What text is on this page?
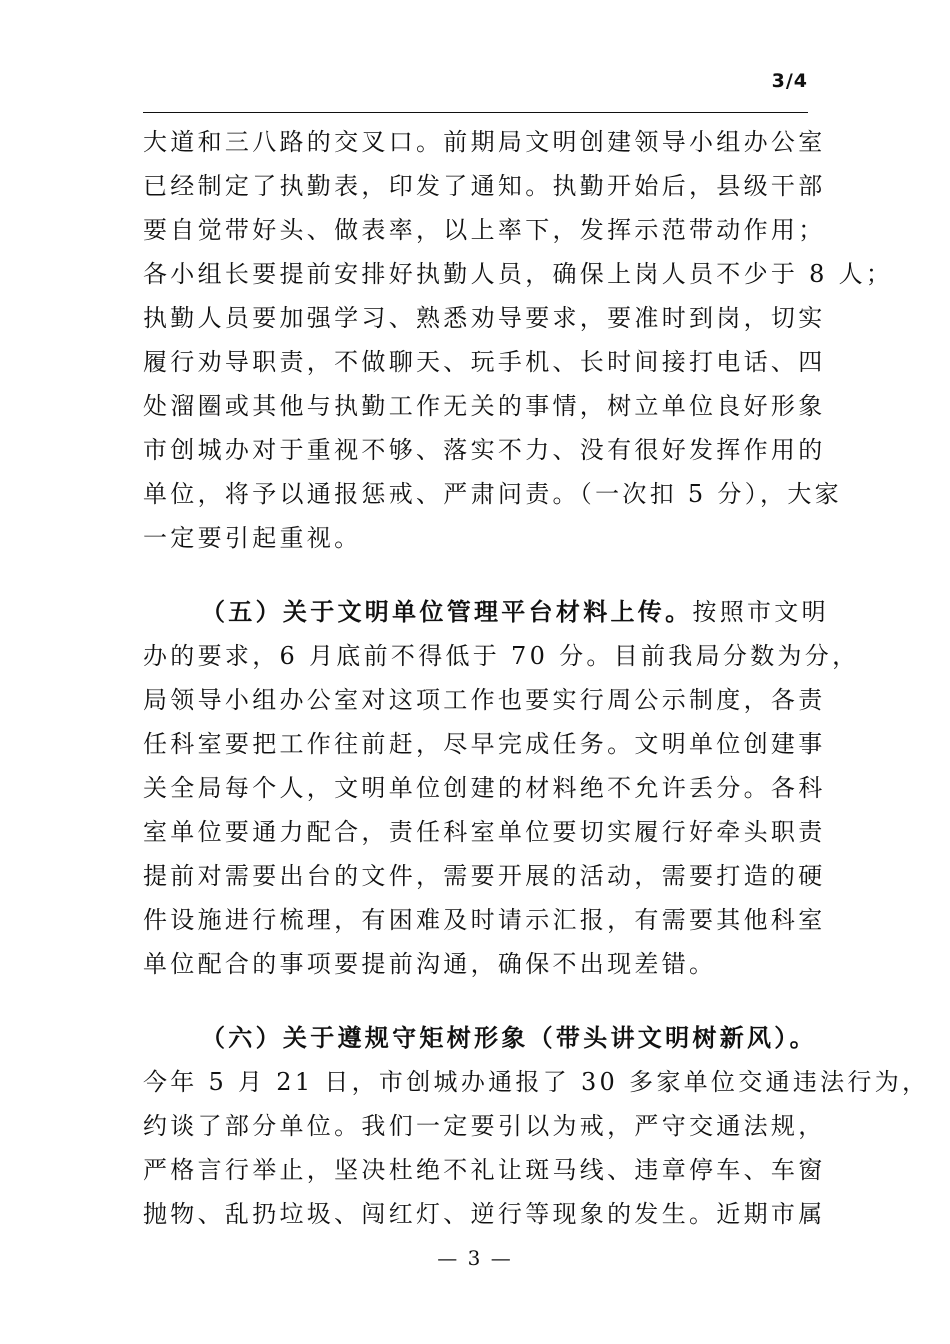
3/4
大道和三八路的交叉口。前期局文明创建领导小组办公室
已经制定了执勤表，印发了通知。执勤开始后，县级干部
要自觉带好头、做表率，以上率下，发挥示范带动作用；
各小组长要提前安排好执勤人员，确保上岗人员不少于 8 人；
执勤人员要加强学习、熟悉劝导要求，要准时到岗，切实
履行劝导职责，不做聊天、玩手机、长时间接打电话、四
处溜圈或其他与执勤工作无关的事情，树立单位良好形象
市创城办对于重视不够、落实不力、没有很好发挥作用的
单位，将予以通报惩戒、严肃问责。（一次扣 5 分），大家
一定要引起重视。
（五）关于文明单位管理平台材料上传。按照市文明
办的要求，6 月底前不得低于 70 分。目前我局分数为分，
局领导小组办公室对这项工作也要实行周公示制度，各责
任科室要把工作往前赶，尽早完成任务。文明单位创建事
关全局每个人，文明单位创建的材料绝不允许丢分。各科
室单位要通力配合，责任科室单位要切实履行好牵头职责
提前对需要出台的文件，需要开展的活动，需要打造的硬
件设施进行梳理，有困难及时请示汇报，有需要其他科室
单位配合的事项要提前沟通，确保不出现差错。
（六）关于遵规守矩树形象（带头讲文明树新风）。
今年 5 月 21 日，市创城办通报了 30 多家单位交通违法行为，
约谈了部分单位。我们一定要引以为戒，严守交通法规，
严格言行举止，坚决杜绝不礼让斑马线、违章停车、车窗
抛物、乱扔垃圾、闯红灯、逆行等现象的发生。近期市属
— 3 —
